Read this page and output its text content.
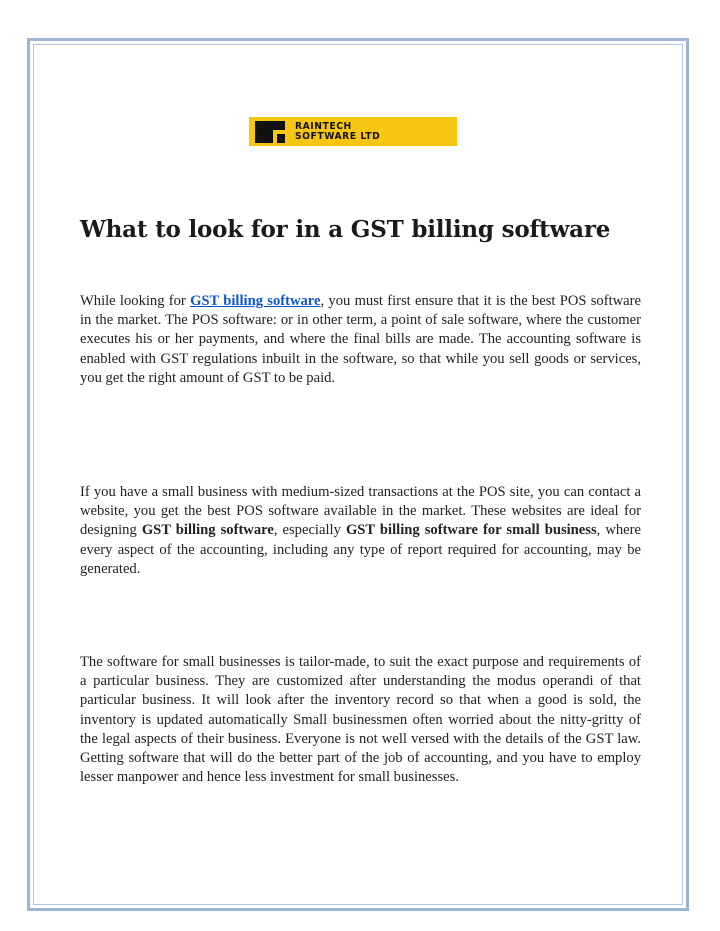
RAINTECH
SOFTWARE LTD
What to look for in a GST billing software

While looking for GST billing software, you must first ensure that it is the best POS software in the market. The POS software: or in other term, a point of sale software, where the customer executes his or her payments, and where the final bills are made. The accounting software is enabled with GST regulations inbuilt in the software, so that while you sell goods or services, you get the right amount of GST to be paid.

If you have a small business with medium-sized transactions at the POS site, you can contact a website, you get the best POS software available in the market. These websites are ideal for designing GST billing software, especially GST billing software for small business, where every aspect of the accounting, including any type of report required for accounting, may be generated.

The software for small businesses is tailor-made, to suit the exact purpose and requirements of a particular business. They are customized after understanding the modus operandi of that particular business. It will look after the inventory record so that when a good is sold, the inventory is updated automatically Small businessmen often worried about the nitty-gritty of the legal aspects of their business. Everyone is not well versed with the details of the GST law. Getting software that will do the better part of the job of accounting, and you have to employ lesser manpower and hence less investment for small businesses.
